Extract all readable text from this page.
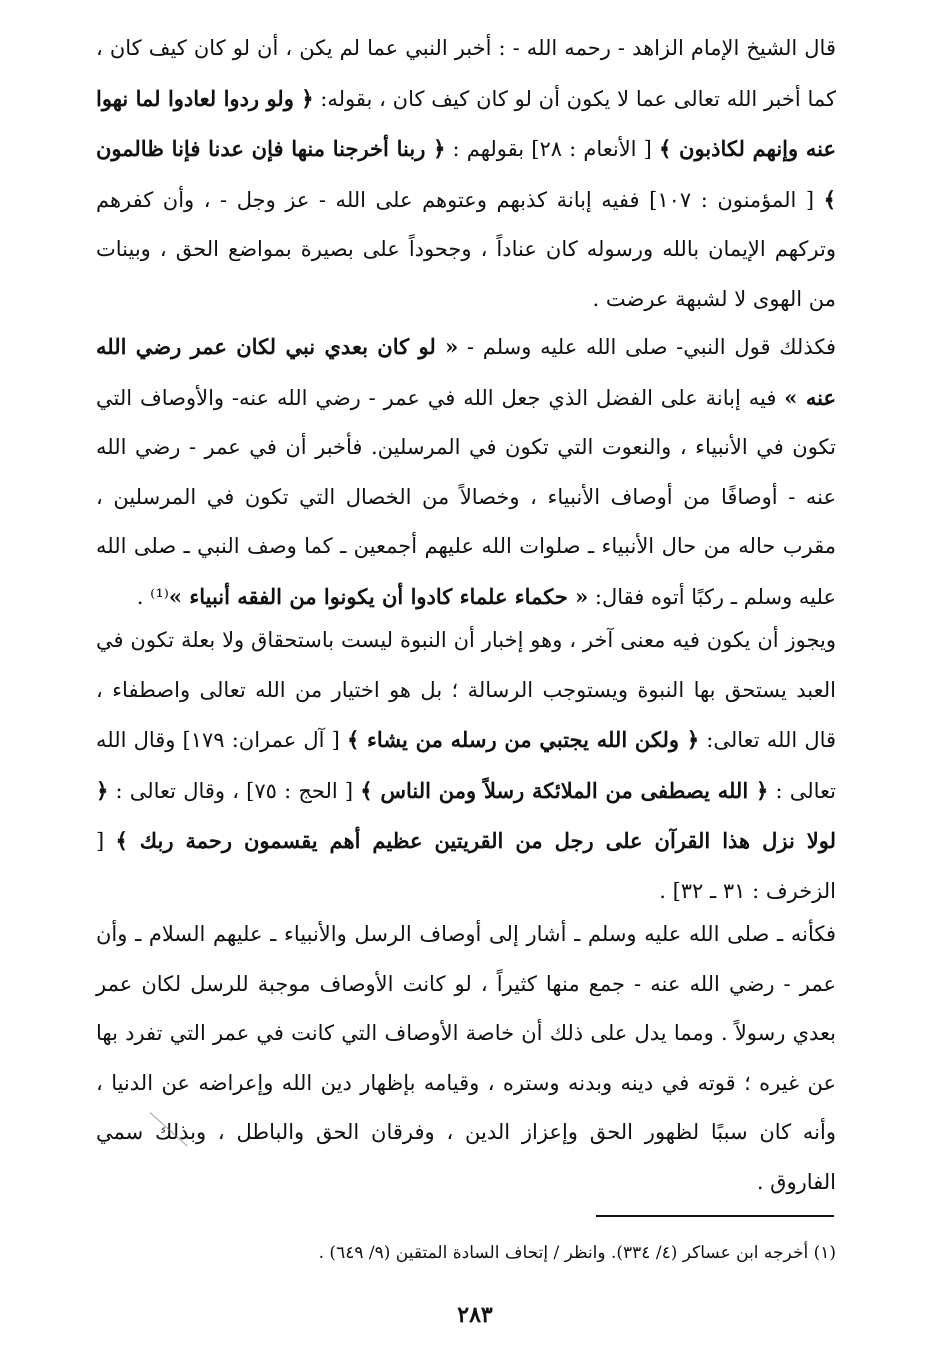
قال الشيخ الإمام الزاهد - رحمه الله - : أخبر النبي عما لم يكن ، أن لو كان كيف كان ، كما أخبر الله تعالى عما لا يكون أن لو كان كيف كان ، بقوله: ﴿ ولو ردوا لعادوا لما نهوا عنه وإنهم لكاذبون ﴾ [ الأنعام : ٢٨] بقولهم : ﴿ ربنا أخرجنا منها فإن عدنا فإنا ظالمون ﴾ [ المؤمنون : ١٠٧] ففيه إبانة كذبهم وعتوهم على الله - عز وجل - ، وأن كفرهم وتركهم الإيمان بالله ورسوله كان عناداً ، وجحوداً على بصيرة بمواضع الحق ، وبينات من الهوى لا لشبهة عرضت .

فكذلك قول النبي- صلى الله عليه وسلم - « لو كان بعدي نبي لكان عمر رضي الله عنه » فيه إبانة على الفضل الذي جعل الله في عمر - رضي الله عنه- والأوصاف التي تكون في الأنبياء ، والنعوت التي تكون في المرسلين. فأخبر أن في عمر - رضي الله عنه - أوصافًا من أوصاف الأنبياء ، وخصالاً من الخصال التي تكون في المرسلين ، مقرب حاله من حال الأنبياء ـ صلوات الله عليهم أجمعين ـ كما وصف النبي ـ صلى الله عليه وسلم ـ ركبًا أتوه فقال: « حكماء علماء كادوا أن يكونوا من الفقه أنبياء »⁽¹⁾ .

ويجوز أن يكون فيه معنى آخر ، وهو إخبار أن النبوة ليست باستحقاق ولا بعلة تكون في العبد يستحق بها النبوة ويستوجب الرسالة ؛ بل هو اختيار من الله تعالى واصطفاء ، قال الله تعالى: ﴿ ولكن الله يجتبي من رسله من يشاء ﴾ [ آل عمران: ١٧٩] وقال الله تعالى : ﴿ الله يصطفى من الملائكة رسلاً ومن الناس ﴾ [ الحج : ٧٥] ، وقال تعالى : ﴿ لولا نزل هذا القرآن على رجل من القريتين عظيم أهم يقسمون رحمة ربك ﴾ [ الزخرف : ٣١ ـ ٣٢] .

فكأنه ـ صلى الله عليه وسلم ـ أشار إلى أوصاف الرسل والأنبياء ـ عليهم السلام ـ وأن عمر - رضي الله عنه - جمع منها كثيراً ، لو كانت الأوصاف موجبة للرسل لكان عمر بعدي رسولاً . ومما يدل على ذلك أن خاصة الأوصاف التي كانت في عمر التي تفرد بها عن غيره ؛ قوته في دينه وبدنه وستره ، وقيامه بإظهار دين الله وإعراضه عن الدنيا ، وأنه كان سببًا لظهور الحق وإعزاز الدين ، وفرقان الحق والباطل ، وبذلك سمي الفاروق .

(١) أخرجه ابن عساكر (٤/ ٣٣٤). وانظر / إتحاف السادة المتقين (٩/ ٦٤٩) .
٢٨٣
